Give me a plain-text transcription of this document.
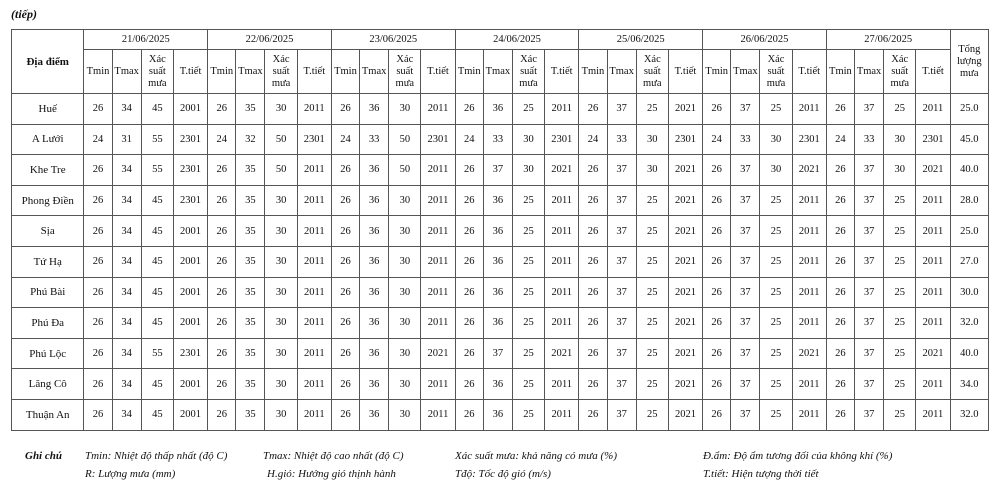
(tiếp)
Địa điểm	21/06/2025				22/06/2025				23/06/2025				24/06/2025				25/06/2025				26/06/2025				27/06/2025				Tổng lượng mưa
	Tmin	Tmax	Xác suất mưa	T.tiết	Tmin	Tmax	Xác suất mưa	T.tiết	Tmin	Tmax	Xác suất mưa	T.tiết	Tmin	Tmax	Xác suất mưa	T.tiết	Tmin	Tmax	Xác suất mưa	T.tiết	Tmin	Tmax	Xác suất mưa	T.tiết	Tmin	Tmax	Xác suất mưa	T.tiết	
Huế	26	34	45	2001	26	35	30	2011	26	36	30	2011	26	36	25	2011	26	37	25	2021	26	37	25	2011	26	37	25	2011	25.0
A Lưới	24	31	55	2301	24	32	50	2301	24	33	50	2301	24	33	30	2301	24	33	30	2301	24	33	30	2301	24	33	30	2301	45.0
Khe Tre	26	34	55	2301	26	35	50	2011	26	36	50	2011	26	37	30	2021	26	37	30	2021	26	37	30	2021	26	37	30	2021	40.0
Phong Điền	26	34	45	2301	26	35	30	2011	26	36	30	2011	26	36	25	2011	26	37	25	2021	26	37	25	2011	26	37	25	2011	28.0
Sịa	26	34	45	2001	26	35	30	2011	26	36	30	2011	26	36	25	2011	26	37	25	2021	26	37	25	2011	26	37	25	2011	25.0
Tứ Hạ	26	34	45	2001	26	35	30	2011	26	36	30	2011	26	36	25	2011	26	37	25	2021	26	37	25	2011	26	37	25	2011	27.0
Phú Bài	26	34	45	2001	26	35	30	2011	26	36	30	2011	26	36	25	2011	26	37	25	2021	26	37	25	2011	26	37	25	2011	30.0
Phú Đa	26	34	45	2001	26	35	30	2011	26	36	30	2011	26	36	25	2011	26	37	25	2021	26	37	25	2011	26	37	25	2011	32.0
Phú Lộc	26	34	55	2301	26	35	30	2011	26	36	30	2021	26	37	25	2021	26	37	25	2021	26	37	25	2021	26	37	25	2021	40.0
Lăng Cô	26	34	45	2001	26	35	30	2011	26	36	30	2011	26	36	25	2011	26	37	25	2021	26	37	25	2011	26	37	25	2011	34.0
Thuận An	26	34	45	2001	26	35	30	2011	26	36	30	2011	26	36	25	2011	26	37	25	2021	26	37	25	2011	26	37	25	2011	32.0
Ghi chú Tmin: Nhiệt độ thấp nhất (độ C)	Tmax: Nhiệt độ cao nhất (độ C)	Xác suất mưa: khả năng có mưa (%)	Đ.ẩm: Độ ẩm tương đối của không khí (%)
R: Lượng mưa (mm)	H.gió: Hướng gió thịnh hành	Tđộ: Tốc độ gió (m/s)	T.tiết: Hiện tượng thời tiết
